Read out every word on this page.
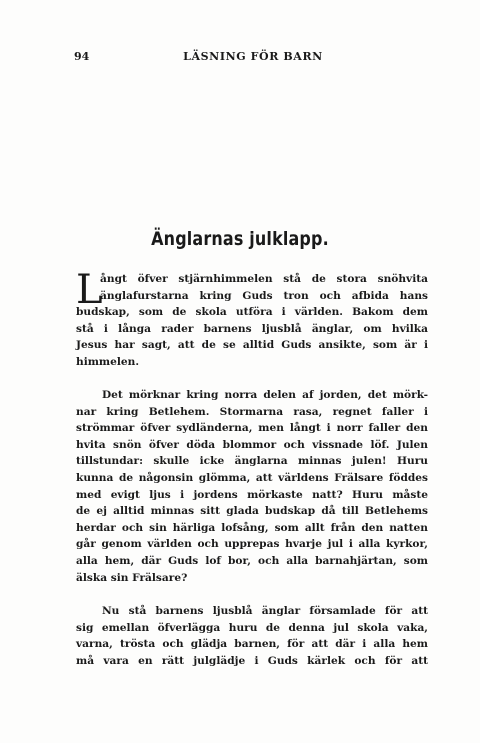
94	LÄSNING FÖR BARN
Änglarnas julklapp.
L
ångt öfver stjärnhimmelen stå de stora snöhvita
änglafurstarna kring Guds tron och afbida hans
budskap, som de skola utföra i världen. Bakom dem
stå i långa rader barnens ljusblå änglar, om hvilka
Jesus har sagt, att de se alltid Guds ansikte, som är i
himmelen.
Det mörknar kring norra delen af jorden, det mörk-
nar kring Betlehem. Stormarna rasa, regnet faller i
strömmar öfver sydländerna, men långt i norr faller den
hvita snön öfver döda blommor och vissnade löf. Julen
tillstundar: skulle icke änglarna minnas julen! Huru
kunna de någonsin glömma, att världens Frälsare föddes
med evigt ljus i jordens mörkaste natt? Huru måste
de ej alltid minnas sitt glada budskap då till Betlehems
herdar och sin härliga lofsång, som allt från den natten
går genom världen och upprepas hvarje jul i alla kyrkor,
alla hem, där Guds lof bor, och alla barnahjärtan, som
älska sin Frälsare?
Nu stå barnens ljusblå änglar församlade för att
sig emellan öfverlägga huru de denna jul skola vaka,
varna, trösta och glädja barnen, för att där i alla hem
må vara en rätt julglädje i Guds kärlek och för att
